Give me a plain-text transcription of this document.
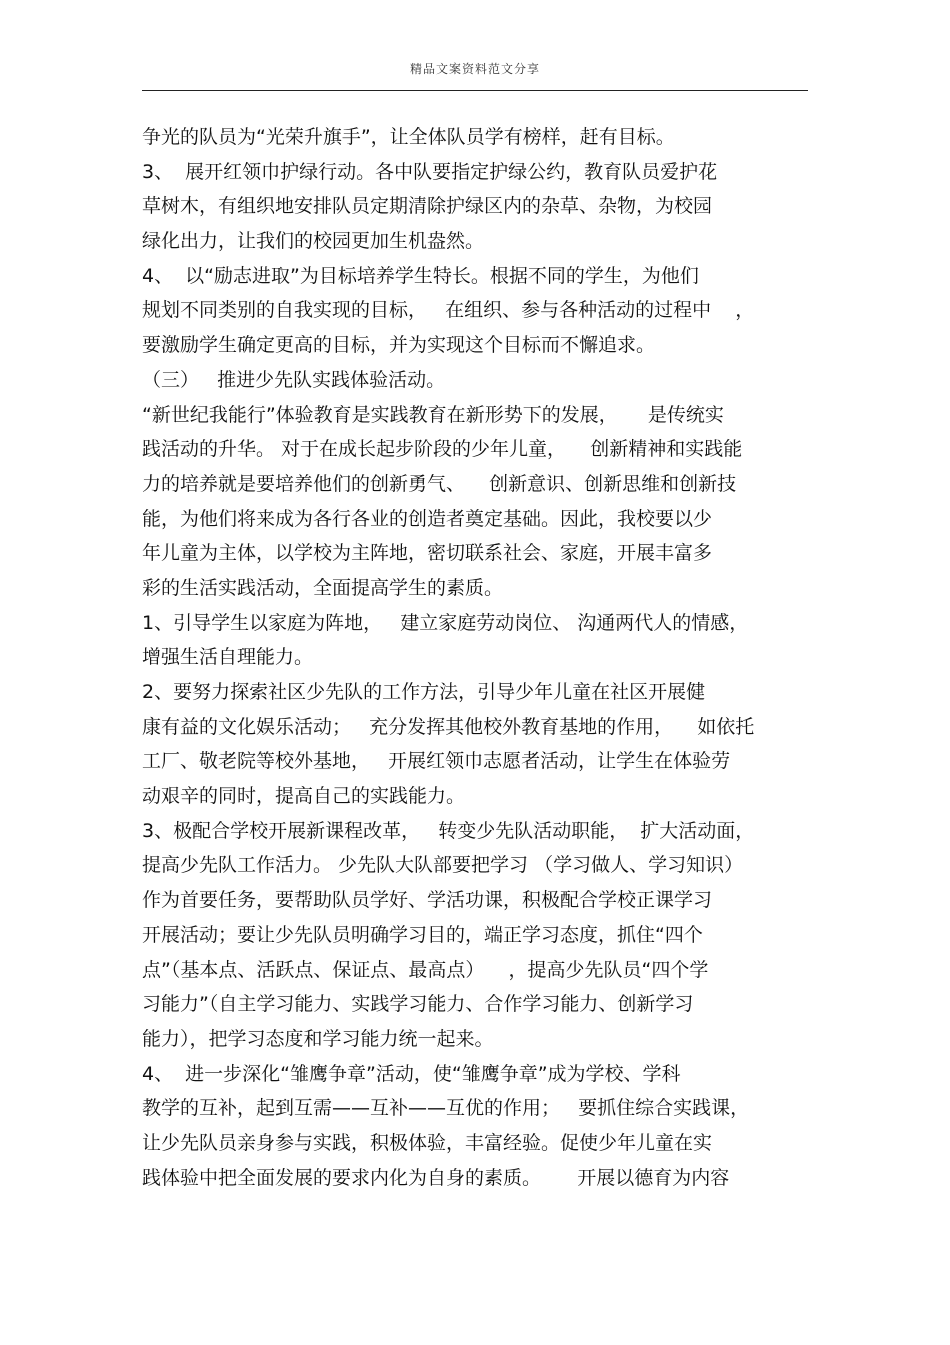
精品文案资料范文分享
争光的队员为“光荣升旗手”，让全体队员学有榜样，赶有目标。
3、  展开红领巾护绿行动。各中队要指定护绿公约，教育队员爱护花
草树木，有组织地安排队员定期清除护绿区内的杂草、杂物，为校园
绿化出力，让我们的校园更加生机盎然。
4、  以“励志进取”为目标培养学生特长。根据不同的学生，为他们
规划不同类别的自我实现的目标，   在组织、参与各种活动的过程中    ，
要激励学生确定更高的目标，并为实现这个目标而不懈追求。
（三）   推进少先队实践体验活动。
“新世纪我能行”体验教育是实践教育在新形势下的发展，     是传统实
践活动的升华。 对于在成长起步阶段的少年儿童，    创新精神和实践能
力的培养就是要培养他们的创新勇气、    创新意识、创新思维和创新技
能，为他们将来成为各行各业的创造者奠定基础。因此，我校要以少
年儿童为主体，以学校为主阵地，密切联系社会、家庭，开展丰富多
彩的生活实践活动，全面提高学生的素质。
1、引导学生以家庭为阵地，   建立家庭劳动岗位、 沟通两代人的情感，
增强生活自理能力。
2、要努力探索社区少先队的工作方法，引导少年儿童在社区开展健
康有益的文化娱乐活动；   充分发挥其他校外教育基地的作用，    如依托
工厂、敬老院等校外基地，   开展红领巾志愿者活动，让学生在体验劳
动艰辛的同时，提高自己的实践能力。
3、极配合学校开展新课程改革，   转变少先队活动职能，  扩大活动面，
提高少先队工作活力。 少先队大队部要把学习 （学习做人、学习知识）
作为首要任务，要帮助队员学好、学活功课，积极配合学校正课学习
开展活动；要让少先队员明确学习目的，端正学习态度，抓住“四个
点”（基本点、活跃点、保证点、最高点）    ，提高少先队员“四个学
习能力”（自主学习能力、实践学习能力、合作学习能力、创新学习
能力），把学习态度和学习能力统一起来。
4、  进一步深化“雏鹰争章”活动，使“雏鹰争章”成为学校、学科
教学的互补，起到互需——互补——互优的作用；   要抓住综合实践课，
让少先队员亲身参与实践，积极体验，丰富经验。促使少年儿童在实
践体验中把全面发展的要求内化为自身的素质。      开展以德育为内容
